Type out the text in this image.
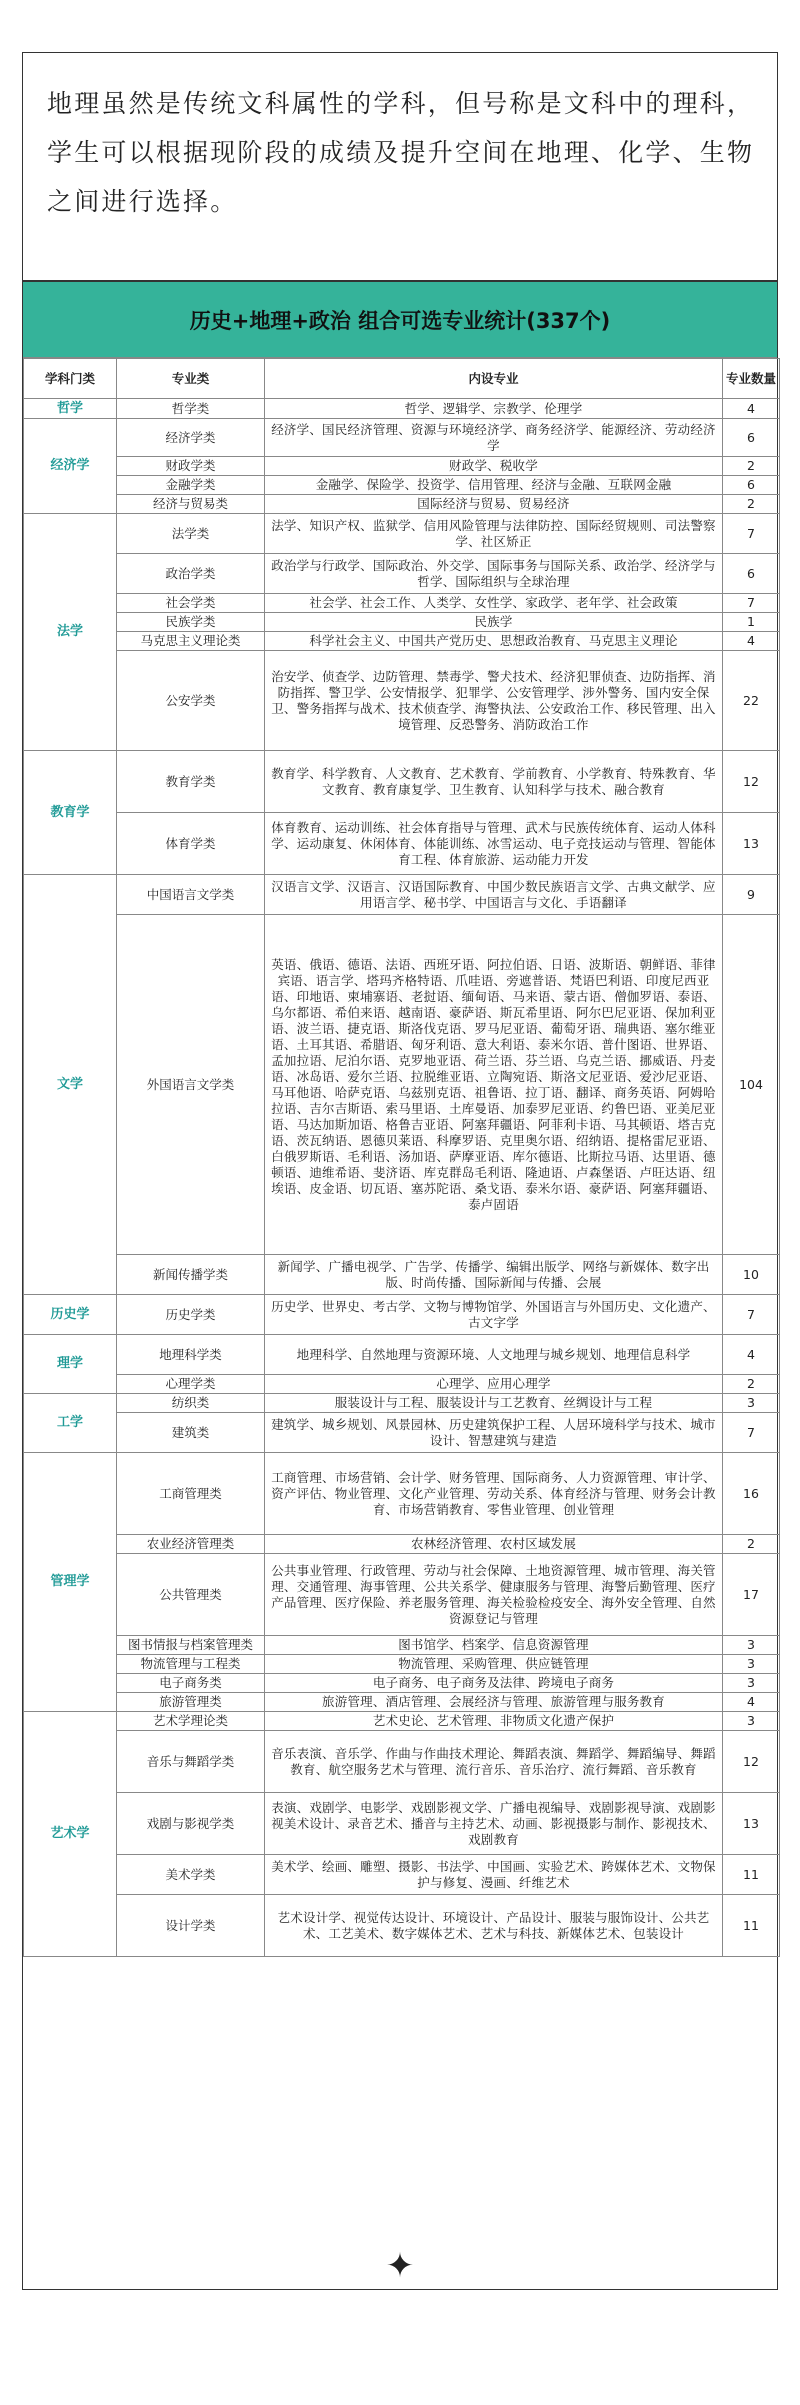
地理虽然是传统文科属性的学科，但号称是文科中的理科，学生可以根据现阶段的成绩及提升空间在地理、化学、生物之间进行选择。

历史+地理+政治 组合可选专业统计(337个)
学科门类	专业类	内设专业	专业数量
哲学	哲学类	哲学、逻辑学、宗教学、伦理学	4
经济学	经济学类	经济学、国民经济管理、资源与环境经济学、商务经济学、能源经济、劳动经济学	6
	财政学类	财政学、税收学	2
	金融学类	金融学、保险学、投资学、信用管理、经济与金融、互联网金融	6
	经济与贸易类	国际经济与贸易、贸易经济	2
法学	法学类	法学、知识产权、监狱学、信用风险管理与法律防控、国际经贸规则、司法警察学、社区矫正	7
	政治学类	政治学与行政学、国际政治、外交学、国际事务与国际关系、政治学、经济学与哲学、国际组织与全球治理	6
	社会学类	社会学、社会工作、人类学、女性学、家政学、老年学、社会政策	7
	民族学类	民族学	1
	马克思主义理论类	科学社会主义、中国共产党历史、思想政治教育、马克思主义理论	4
	公安学类	治安学、侦查学、边防管理、禁毒学、警犬技术、经济犯罪侦查、边防指挥、消防指挥、警卫学、公安情报学、犯罪学、公安管理学、涉外警务、国内安全保卫、警务指挥与战术、技术侦查学、海警执法、公安政治工作、移民管理、出入境管理、反恐警务、消防政治工作	22
教育学	教育学类	教育学、科学教育、人文教育、艺术教育、学前教育、小学教育、特殊教育、华文教育、教育康复学、卫生教育、认知科学与技术、融合教育	12
	体育学类	体育教育、运动训练、社会体育指导与管理、武术与民族传统体育、运动人体科学、运动康复、休闲体育、体能训练、冰雪运动、电子竞技运动与管理、智能体育工程、体育旅游、运动能力开发	13
文学	中国语言文学类	汉语言文学、汉语言、汉语国际教育、中国少数民族语言文学、古典文献学、应用语言学、秘书学、中国语言与文化、手语翻译	9
	外国语言文学类	英语、俄语、德语、法语、西班牙语、阿拉伯语、日语、波斯语、朝鲜语、菲律宾语、语言学、塔玛齐格特语、爪哇语、旁遮普语、梵语巴利语、印度尼西亚语、印地语、柬埔寨语、老挝语、缅甸语、马来语、蒙古语、僧伽罗语、泰语、乌尔都语、希伯来语、越南语、豪萨语、斯瓦希里语、阿尔巴尼亚语、保加利亚语、波兰语、捷克语、斯洛伐克语、罗马尼亚语、葡萄牙语、瑞典语、塞尔维亚语、土耳其语、希腊语、匈牙利语、意大利语、泰米尔语、普什图语、世界语、孟加拉语、尼泊尔语、克罗地亚语、荷兰语、芬兰语、乌克兰语、挪威语、丹麦语、冰岛语、爱尔兰语、拉脱维亚语、立陶宛语、斯洛文尼亚语、爱沙尼亚语、马耳他语、哈萨克语、乌兹别克语、祖鲁语、拉丁语、翻译、商务英语、阿姆哈拉语、吉尔吉斯语、索马里语、土库曼语、加泰罗尼亚语、约鲁巴语、亚美尼亚语、马达加斯加语、格鲁吉亚语、阿塞拜疆语、阿菲利卡语、马其顿语、塔吉克语、茨瓦纳语、恩德贝莱语、科摩罗语、克里奥尔语、绍纳语、提格雷尼亚语、白俄罗斯语、毛利语、汤加语、萨摩亚语、库尔德语、比斯拉马语、达里语、德顿语、迪维希语、斐济语、库克群岛毛利语、隆迪语、卢森堡语、卢旺达语、纽埃语、皮金语、切瓦语、塞苏陀语、桑戈语、泰米尔语、豪萨语、阿塞拜疆语、泰卢固语	104
	新闻传播学类	新闻学、广播电视学、广告学、传播学、编辑出版学、网络与新媒体、数字出版、时尚传播、国际新闻与传播、会展	10
历史学	历史学类	历史学、世界史、考古学、文物与博物馆学、外国语言与外国历史、文化遗产、古文字学	7
理学	地理科学类	地理科学、自然地理与资源环境、人文地理与城乡规划、地理信息科学	4
	心理学类	心理学、应用心理学	2
工学	纺织类	服装设计与工程、服装设计与工艺教育、丝绸设计与工程	3
	建筑类	建筑学、城乡规划、风景园林、历史建筑保护工程、人居环境科学与技术、城市设计、智慧建筑与建造	7
管理学	工商管理类	工商管理、市场营销、会计学、财务管理、国际商务、人力资源管理、审计学、资产评估、物业管理、文化产业管理、劳动关系、体育经济与管理、财务会计教育、市场营销教育、零售业管理、创业管理	16
	农业经济管理类	农林经济管理、农村区域发展	2
	公共管理类	公共事业管理、行政管理、劳动与社会保障、土地资源管理、城市管理、海关管理、交通管理、海事管理、公共关系学、健康服务与管理、海警后勤管理、医疗产品管理、医疗保险、养老服务管理、海关检验检疫安全、海外安全管理、自然资源登记与管理	17
	图书情报与档案管理类	图书馆学、档案学、信息资源管理	3
	物流管理与工程类	物流管理、采购管理、供应链管理	3
	电子商务类	电子商务、电子商务及法律、跨境电子商务	3
	旅游管理类	旅游管理、酒店管理、会展经济与管理、旅游管理与服务教育	4
艺术学	艺术学理论类	艺术史论、艺术管理、非物质文化遗产保护	3
	音乐与舞蹈学类	音乐表演、音乐学、作曲与作曲技术理论、舞蹈表演、舞蹈学、舞蹈编导、舞蹈教育、航空服务艺术与管理、流行音乐、音乐治疗、流行舞蹈、音乐教育	12
	戏剧与影视学类	表演、戏剧学、电影学、戏剧影视文学、广播电视编导、戏剧影视导演、戏剧影视美术设计、录音艺术、播音与主持艺术、动画、影视摄影与制作、影视技术、戏剧教育	13
	美术学类	美术学、绘画、雕塑、摄影、书法学、中国画、实验艺术、跨媒体艺术、文物保护与修复、漫画、纤维艺术	11
	设计学类	艺术设计学、视觉传达设计、环境设计、产品设计、服装与服饰设计、公共艺术、工艺美术、数字媒体艺术、艺术与科技、新媒体艺术、包装设计	11
✦
